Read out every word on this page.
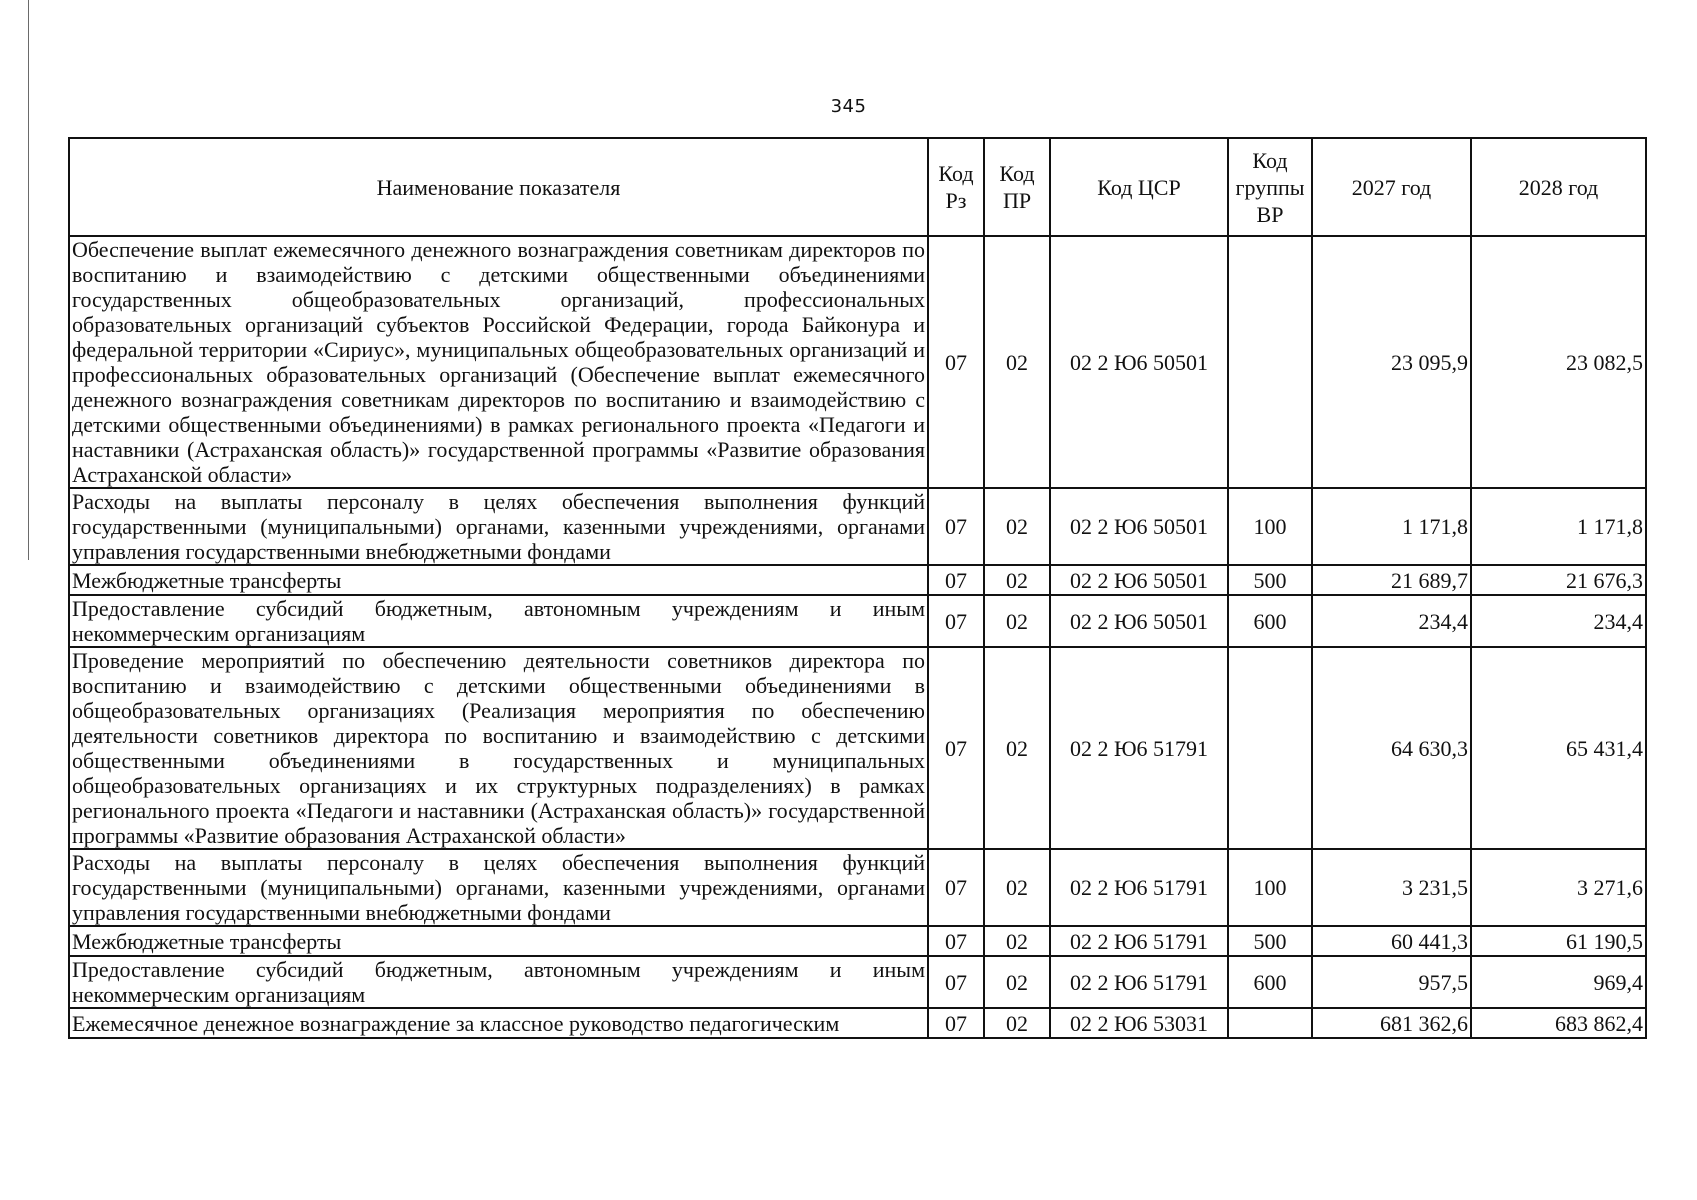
345
Наименование показателя	Код Рз	Код ПР	Код ЦСР	Код группы ВР	2027 год	2028 год
Обеспечение выплат ежемесячного денежного вознаграждения советникам директоров по воспитанию и взаимодействию с детскими общественными объединениями государственных общеобразовательных организаций, профессиональных образовательных организаций субъектов Российской Федерации, города Байконура и федеральной территории «Сириус», муниципальных общеобразовательных организаций и профессиональных образовательных организаций (Обеспечение выплат ежемесячного денежного вознаграждения советникам директоров по воспитанию и взаимодействию с детскими общественными объединениями) в рамках регионального проекта «Педагоги и наставники (Астраханская область)» государственной программы «Развитие образования Астраханской области»	07	02	02 2 Ю6 50501		23 095,9	23 082,5
Расходы на выплаты персоналу в целях обеспечения выполнения функций государственными (муниципальными) органами, казенными учреждениями, органами управления государственными внебюджетными фондами	07	02	02 2 Ю6 50501	100	1 171,8	1 171,8
Межбюджетные трансферты	07	02	02 2 Ю6 50501	500	21 689,7	21 676,3
Предоставление субсидий бюджетным, автономным учреждениям и иным некоммерческим организациям	07	02	02 2 Ю6 50501	600	234,4	234,4
Проведение мероприятий по обеспечению деятельности советников директора по воспитанию и взаимодействию с детскими общественными объединениями в общеобразовательных организациях (Реализация мероприятия по обеспечению деятельности советников директора по воспитанию и взаимодействию с детскими общественными объединениями в государственных и муниципальных общеобразовательных организациях и их структурных подразделениях) в рамках регионального проекта «Педагоги и наставники (Астраханская область)» государственной программы «Развитие образования Астраханской области»	07	02	02 2 Ю6 51791		64 630,3	65 431,4
Расходы на выплаты персоналу в целях обеспечения выполнения функций государственными (муниципальными) органами, казенными учреждениями, органами управления государственными внебюджетными фондами	07	02	02 2 Ю6 51791	100	3 231,5	3 271,6
Межбюджетные трансферты	07	02	02 2 Ю6 51791	500	60 441,3	61 190,5
Предоставление субсидий бюджетным, автономным учреждениям и иным некоммерческим организациям	07	02	02 2 Ю6 51791	600	957,5	969,4
Ежемесячное денежное вознаграждение за классное руководство педагогическим	07	02	02 2 Ю6 53031		681 362,6	683 862,4
